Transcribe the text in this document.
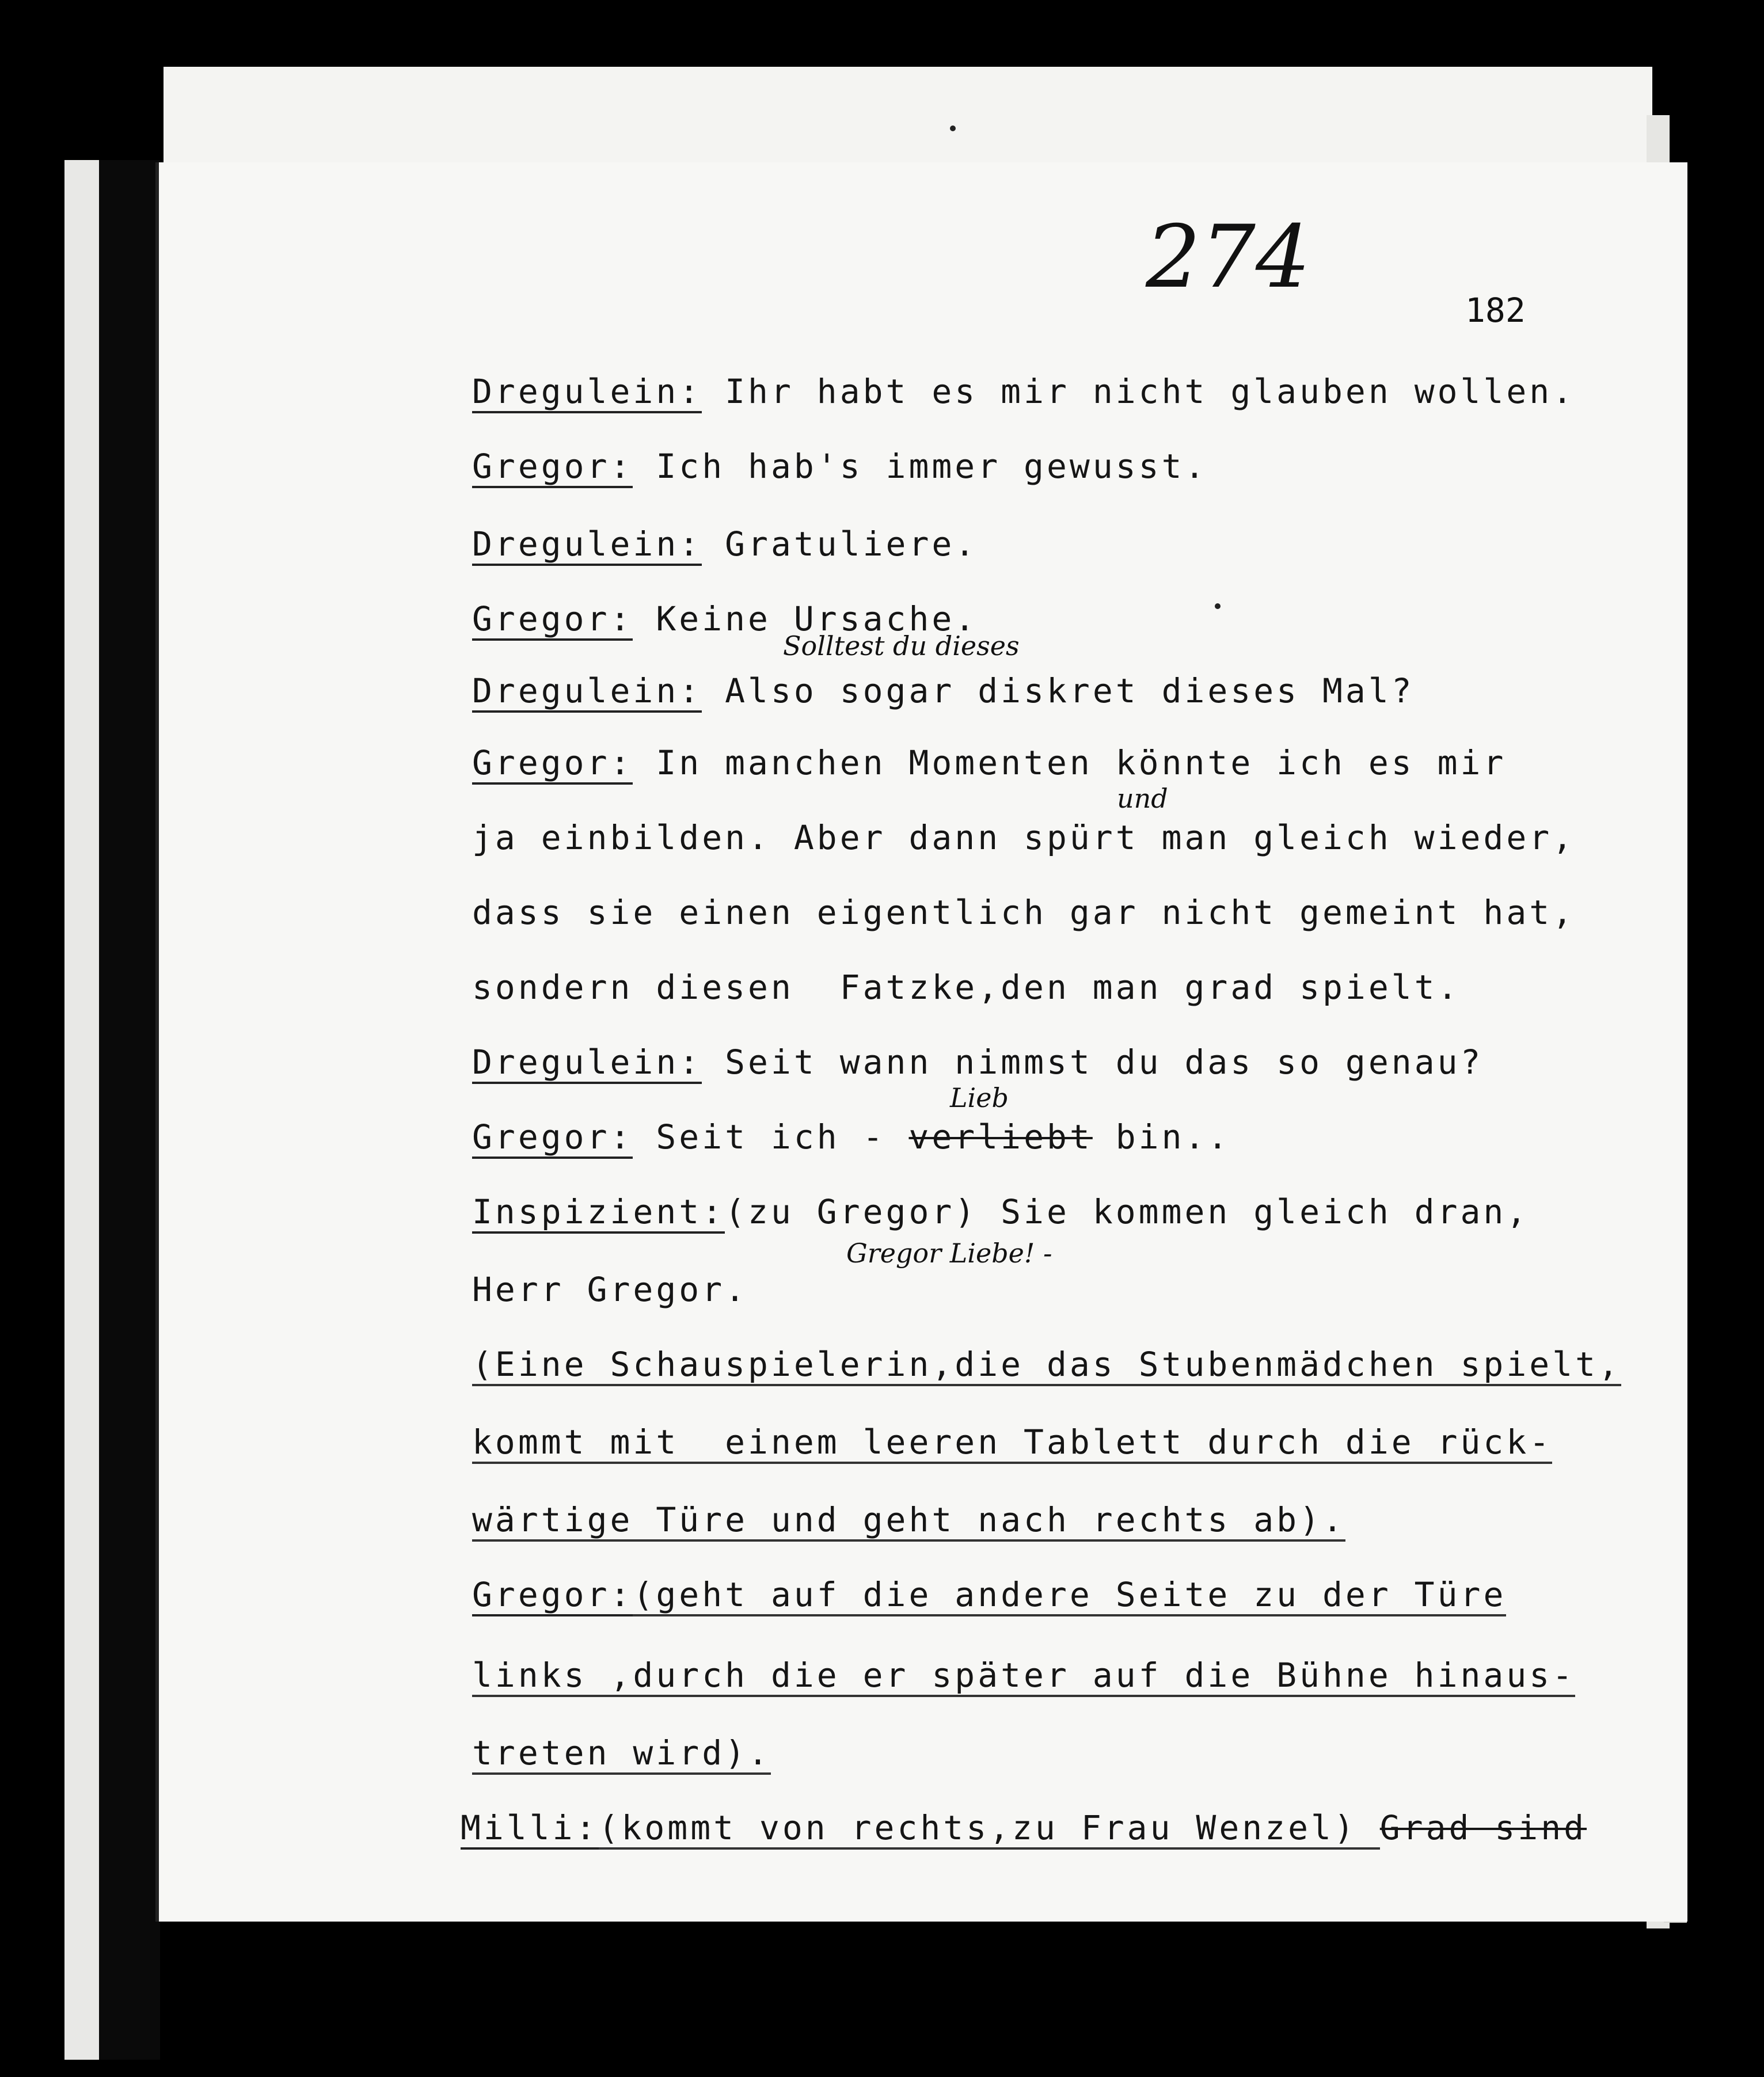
274
182

Dregulein: Ihr habt es mir nicht glauben wollen.

Gregor: Ich hab's immer gewusst.

Dregulein: Gratuliere.

Gregor: Keine Ursache.

Solltest du dieses

Dregulein: Also sogar diskret dieses Mal?

Gregor: In manchen Momenten könnte ich es mir

und

ja einbilden. Aber dann spürt man gleich wieder,

dass sie einen eigentlich gar nicht gemeint hat,

sondern diesen  Fatzke,den man grad spielt.

Dregulein: Seit wann nimmst du das so genau?

Lieb

Gregor: Seit ich - verliebt bin..

Inspizient:(zu Gregor) Sie kommen gleich dran,

Herr Gregor.

Gregor Liebe! -

(Eine Schauspielerin,die das Stubenmädchen spielt,

kommt mit  einem leeren Tablett durch die rück-

wärtige Türe und geht nach rechts ab).

Gregor:(geht auf die andere Seite zu der Türe

links ,durch die er später auf die Bühne hinaus-

treten wird).

Milli:(kommt von rechts,zu Frau Wenzel) Grad sind
